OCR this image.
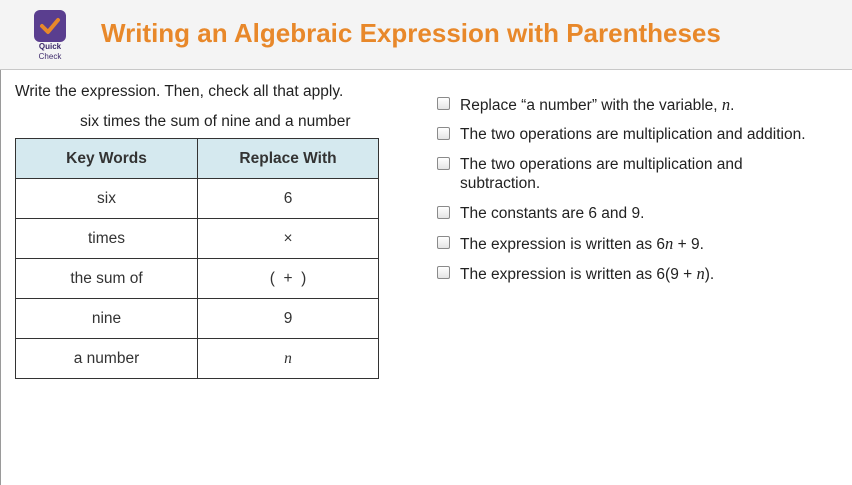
Quick
Check
Writing an Algebraic Expression with Parentheses
Write the expression. Then, check all that apply.
six times the sum of nine and a number
Key Words	Replace With
six	6
times	×
the sum of	(  +  )
nine	9
a number	n
Replace “a number” with the variable, n.
The two operations are multiplication and addition.
The two operations are multiplication and subtraction.
The constants are 6 and 9.
The expression is written as 6n + 9.
The expression is written as 6(9 + n).
